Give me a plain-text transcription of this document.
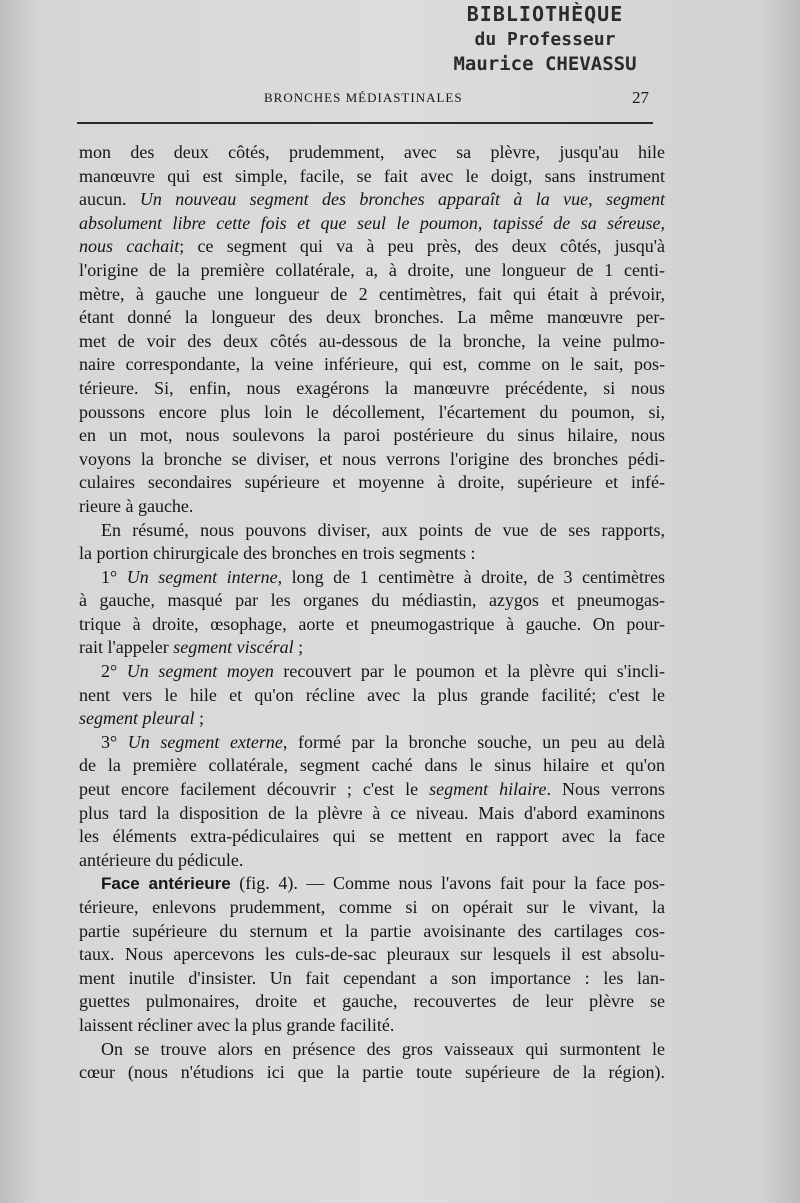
BIBLIOTHÈQUE
du Professeur
Maurice CHEVASSU
BRONCHES MÉDIASTINALES	27
mon des deux côtés, prudemment, avec sa plèvre, jusqu'au hile
manœuvre qui est simple, facile, se fait avec le doigt, sans instrument
aucun. Un nouveau segment des bronches apparaît à la vue, segment
absolument libre cette fois et que seul le poumon, tapissé de sa séreuse,
nous cachait; ce segment qui va à peu près, des deux côtés, jusqu'à
l'origine de la première collatérale, a, à droite, une longueur de 1 centi-
mètre, à gauche une longueur de 2 centimètres, fait qui était à prévoir,
étant donné la longueur des deux bronches. La même manœuvre per-
met de voir des deux côtés au-dessous de la bronche, la veine pulmo-
naire correspondante, la veine inférieure, qui est, comme on le sait, pos-
térieure. Si, enfin, nous exagérons la manœuvre précédente, si nous
poussons encore plus loin le décollement, l'écartement du poumon, si,
en un mot, nous soulevons la paroi postérieure du sinus hilaire, nous
voyons la bronche se diviser, et nous verrons l'origine des bronches pédi-
culaires secondaires supérieure et moyenne à droite, supérieure et infé-
rieure à gauche.
En résumé, nous pouvons diviser, aux points de vue de ses rapports,
la portion chirurgicale des bronches en trois segments :
1° Un segment interne, long de 1 centimètre à droite, de 3 centimètres
à gauche, masqué par les organes du médiastin, azygos et pneumogas-
trique à droite, œsophage, aorte et pneumogastrique à gauche. On pour-
rait l'appeler segment viscéral ;
2° Un segment moyen recouvert par le poumon et la plèvre qui s'incli-
nent vers le hile et qu'on récline avec la plus grande facilité; c'est le
segment pleural ;
3° Un segment externe, formé par la bronche souche, un peu au delà
de la première collatérale, segment caché dans le sinus hilaire et qu'on
peut encore facilement découvrir ; c'est le segment hilaire. Nous verrons
plus tard la disposition de la plèvre à ce niveau. Mais d'abord examinons
les éléments extra-pédiculaires qui se mettent en rapport avec la face
antérieure du pédicule.
Face antérieure (fig. 4). — Comme nous l'avons fait pour la face pos-
térieure, enlevons prudemment, comme si on opérait sur le vivant, la
partie supérieure du sternum et la partie avoisinante des cartilages cos-
taux. Nous apercevons les culs-de-sac pleuraux sur lesquels il est absolu-
ment inutile d'insister. Un fait cependant a son importance : les lan-
guettes pulmonaires, droite et gauche, recouvertes de leur plèvre se
laissent récliner avec la plus grande facilité.
On se trouve alors en présence des gros vaisseaux qui surmontent le
cœur (nous n'étudions ici que la partie toute supérieure de la région).
